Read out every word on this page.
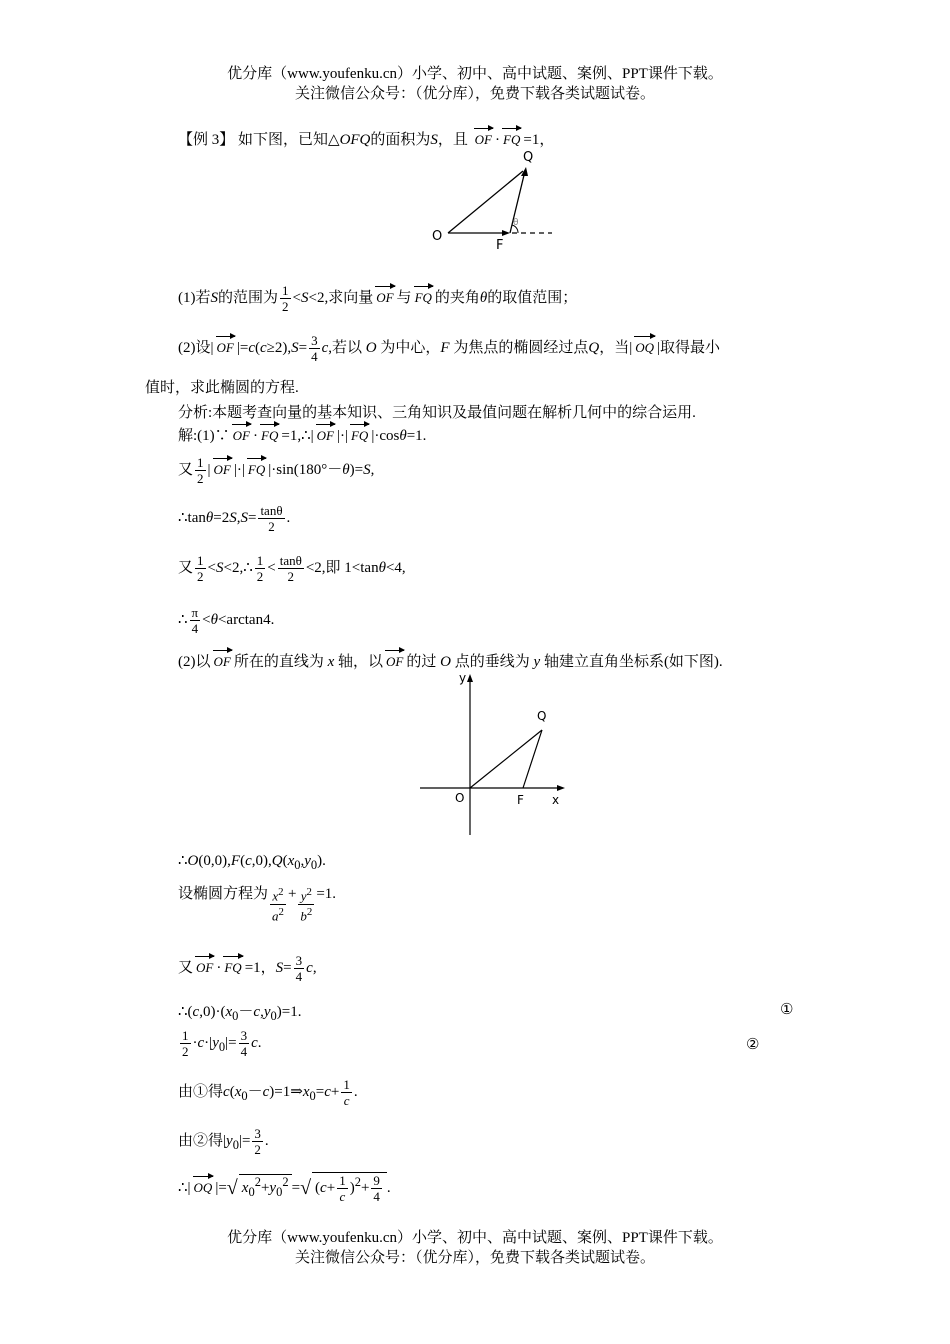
优分库（www.youfenku.cn）小学、初中、高中试题、案例、PPT课件下载。
关注微信公众号：（优分库），免费下载各类试题试卷。
【例 3】 如下图，已知△OFQ的面积为S，且 OF · FQ =1，
O
F
Q
θ
(1)若S的范围为 $\frac{1}{2} <S<2$,求向量 OF 与 FQ 的夹角θ的取值范围；
(2)设| OF $|=c(c\ge 2),S= \frac{3}{4} c$,若以 O 为中心，F 为焦点的椭圆经过点Q，当| OQ |取得最小
值时，求此椭圆的方程.
分析:本题考查向量的基本知识、三角知识及最值问题在解析几何中的综合运用.
解:(1)∵ OF · FQ =1,∴| OF |·| FQ |·cosθ=1.
又 $\frac{1}{2}$ | OF |·| FQ |·sin(180°－θ)=S,
∴tanθ=2S,S= $\frac{\tan\theta}{2}$ .
又 $\frac{1}{2}$ <S<2,∴ $\frac{1}{2} < \frac{\tan\theta}{2} <2$,即 1<tanθ<4,
∴ $\frac{\pi}{4} <\theta<\arctan 4$.
(2)以 OF 所在的直线为 x 轴，以 OF 的过 O 点的垂线为 y 轴建立直角坐标系(如下图).
O	F
Q
x
y
$\therefore O(0,0),F(c,0),Q(x_0,y_0)$.
设椭圆方程为 $\frac{x^2}{a^2} + \frac{y^2}{b^2} =1$.
又 OF · FQ =1，$S= \frac{3}{4} c$,
$\therefore(c,0)\cdot(x_0-c,y_0)=1$.	①
$\frac{1}{2} \cdot c\cdot|y_0|= \frac{3}{4} c$.	②
由①得$c(x_0-c)=1\Rightarrow x_0=c+ \frac{1}{c}$ .
由②得$|y_0|= \frac{3}{2}$ .
∴| OQ |=√ $x_0^2+y_0^2$ =√ $(c+ \frac{1}{c} )^2+ \frac{9}{4}$ .
优分库（www.youfenku.cn）小学、初中、高中试题、案例、PPT课件下载。
关注微信公众号：（优分库），免费下载各类试题试卷。
